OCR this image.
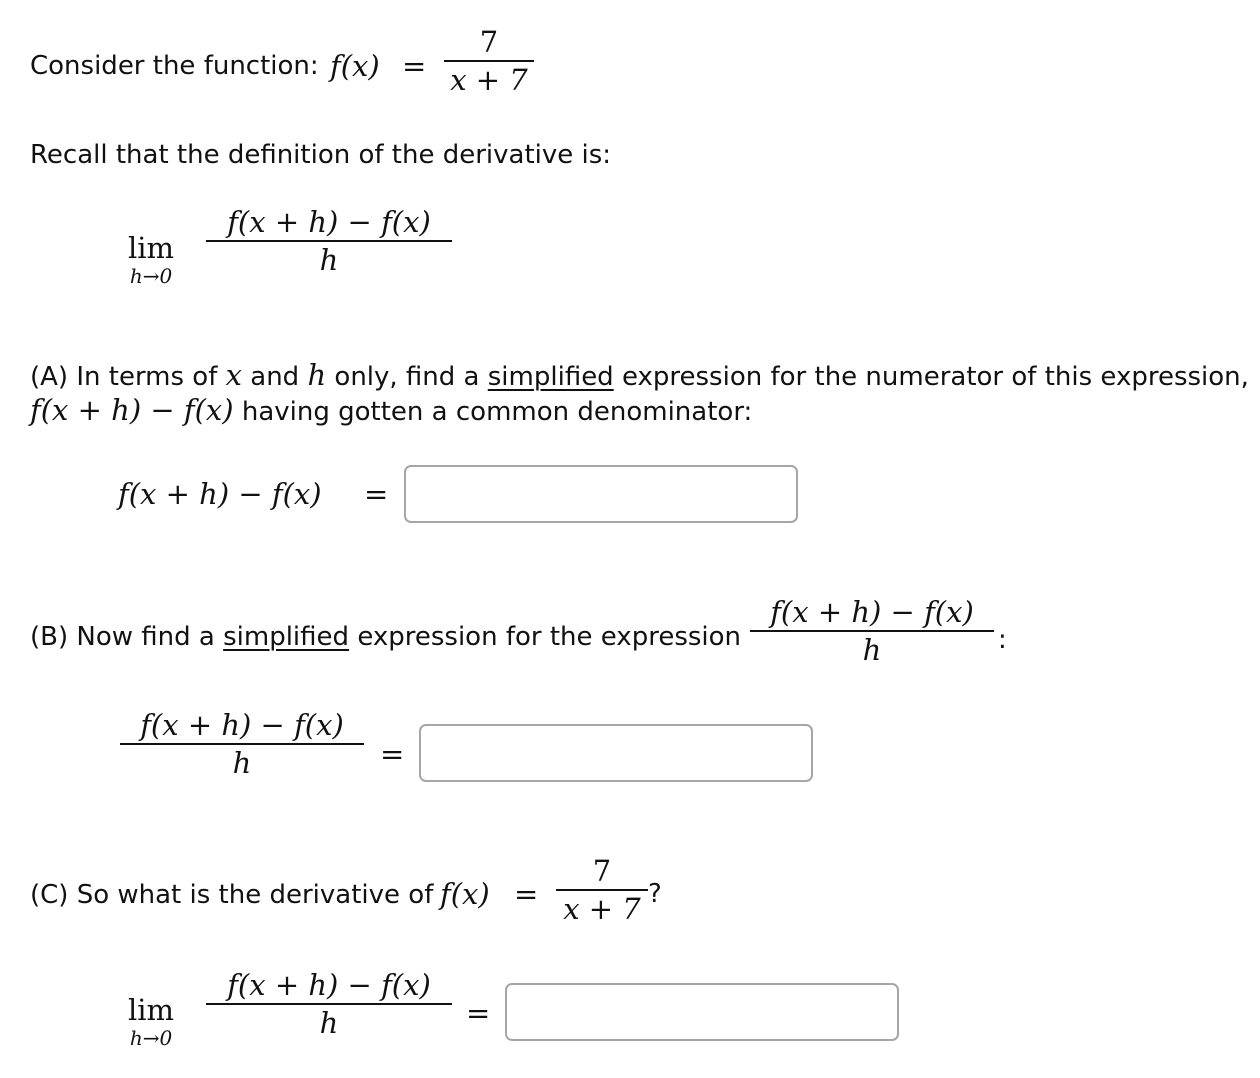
Consider the function: f(x) =
7
x + 7
Recall that the definition of the derivative is:
lim
h→0
f(x + h) − f(x)
h
(A) In terms of x and h only, find a simplified expression for the numerator of this expression,
f(x + h) − f(x) having gotten a common denominator:
f(x + h) − f(x) =
(B) Now find a simplified expression for the expression
f(x + h) − f(x)
h	:
f(x + h) − f(x)
h	=
(C) So what is the derivative of f(x) =
7
x + 7 ?
lim
h→0
f(x + h) − f(x)
h	=
